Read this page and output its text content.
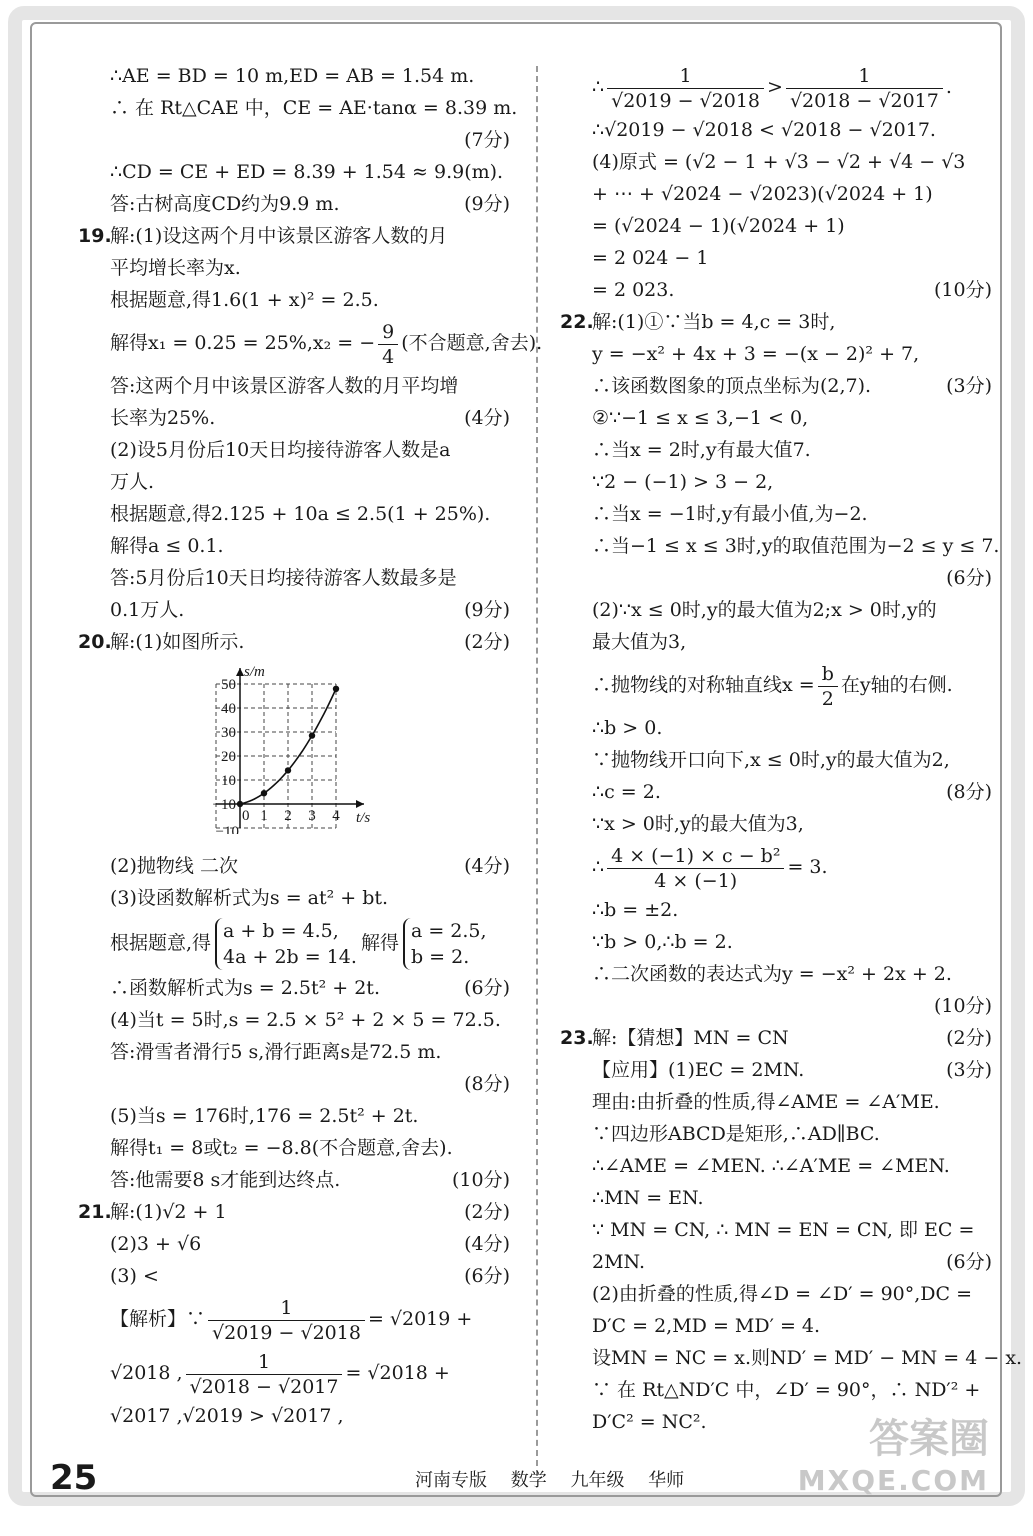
∴AE = BD = 10 m,ED = AB = 1.54 m.
∴ 在 Rt△CAE 中，CE = AE·tanα = 8.39 m.
(7分)
∴CD = CE + ED = 8.39 + 1.54 ≈ 9.9(m).
答:古树高度CD约为9.9 m.	(9分)
19.解:(1)设这两个月中该景区游客人数的月
平均增长率为x.
根据题意,得1.6(1 + x)² = 2.5.
解得x₁ = 0.25 = 25%,x₂ = − $\frac{9}{4}$ (不合题意,舍去).
答:这两个月中该景区游客人数的月平均增
长率为25%.	(4分)
(2)设5月份后10天日均接待游客人数是a
万人.
根据题意,得2.125 + 10a ≤ 2.5(1 + 25%).
解得a ≤ 0.1.
答:5月份后10天日均接待游客人数最多是
0.1万人.	(9分)
20.解:(1)如图所示.	(2分)
1 2 3 4
10
20
30
40
50
−10
−10
0	t/s
s/m
(2)抛物线 二次	(4分)
(3)设函数解析式为s = at² + bt.
根据题意,得
a + b = 4.5,
4a + 2b = 14.
解得
a = 2.5,
b = 2.
∴函数解析式为s = 2.5t² + 2t.	(6分)
(4)当t = 5时,s = 2.5 × 5² + 2 × 5 = 72.5.
答:滑雪者滑行5 s,滑行距离s是72.5 m.
(8分)
(5)当s = 176时,176 = 2.5t² + 2t.
解得t₁ = 8或t₂ = −8.8(不合题意,舍去).
答:他需要8 s才能到达终点.	(10分)
21.解:(1)√2 + 1	(2分)
(2)3 + √6	(4分)
(3) <	(6分)
【解析】∵ $\frac{1}{√2019 - √2018} = √2019$ +
√2018 , $\frac{1}{√2018 - √2017} = √2018$ +
√2017 ,√2019 > √2017 ,
∴ $\frac{1}{√2019 - √2018} > \frac{1}{√2018 - √2017}$ .
∴√2019 − √2018 < √2018 − √2017.
(4)原式 = (√2 − 1 + √3 − √2 + √4 − √3
+ ⋯ + √2024 − √2023)(√2024 + 1)
= (√2024 − 1)(√2024 + 1)
= 2 024 − 1
= 2 023.	(10分)
22.解:(1)①∵当b = 4,c = 3时,
y = −x² + 4x + 3 = −(x − 2)² + 7,
∴该函数图象的顶点坐标为(2,7).	(3分)
②∵−1 ≤ x ≤ 3,−1 < 0,
∴当x = 2时,y有最大值7.
∵2 − (−1) > 3 − 2,
∴当x = −1时,y有最小值,为−2.
∴当−1 ≤ x ≤ 3时,y的取值范围为−2 ≤ y ≤ 7.
(6分)
(2)∵x ≤ 0时,y的最大值为2;x > 0时,y的
最大值为3,
∴抛物线的对称轴直线$x = \frac{b}{2}$ 在y轴的右侧.
∴b > 0.
∵抛物线开口向下,x ≤ 0时,y的最大值为2,
∴c = 2.	(8分)
∵x > 0时,y的最大值为3,
∴ $\frac{\text{4 × (−1) × c − b²}}{4 \times (-1)} = 3$.
∴b = ±2.
∵b > 0,∴b = 2.
∴二次函数的表达式为y = −x² + 2x + 2.
(10分)
23.解:【猜想】MN = CN	(2分)
【应用】(1)EC = 2MN.	(3分)
理由:由折叠的性质,得∠AME = ∠A′ME.
∵四边形ABCD是矩形,∴AD∥BC.
∴∠AME = ∠MEN. ∴∠A′ME = ∠MEN.
∴MN = EN.
∵ MN = CN, ∴ MN = EN = CN, 即 EC =
2MN.	(6分)
(2)由折叠的性质,得∠D = ∠D′ = 90°,DC =
D′C = 2,MD = MD′ = 4.
设MN = NC = x.则ND′ = MD′ − MN = 4 − x.
∵ 在 Rt△ND′C 中，∠D′ = 90°，∴ ND′² +
D′C² = NC².
25	河南专版 数学 九年级 华师
答案圈
MXQE.COM
